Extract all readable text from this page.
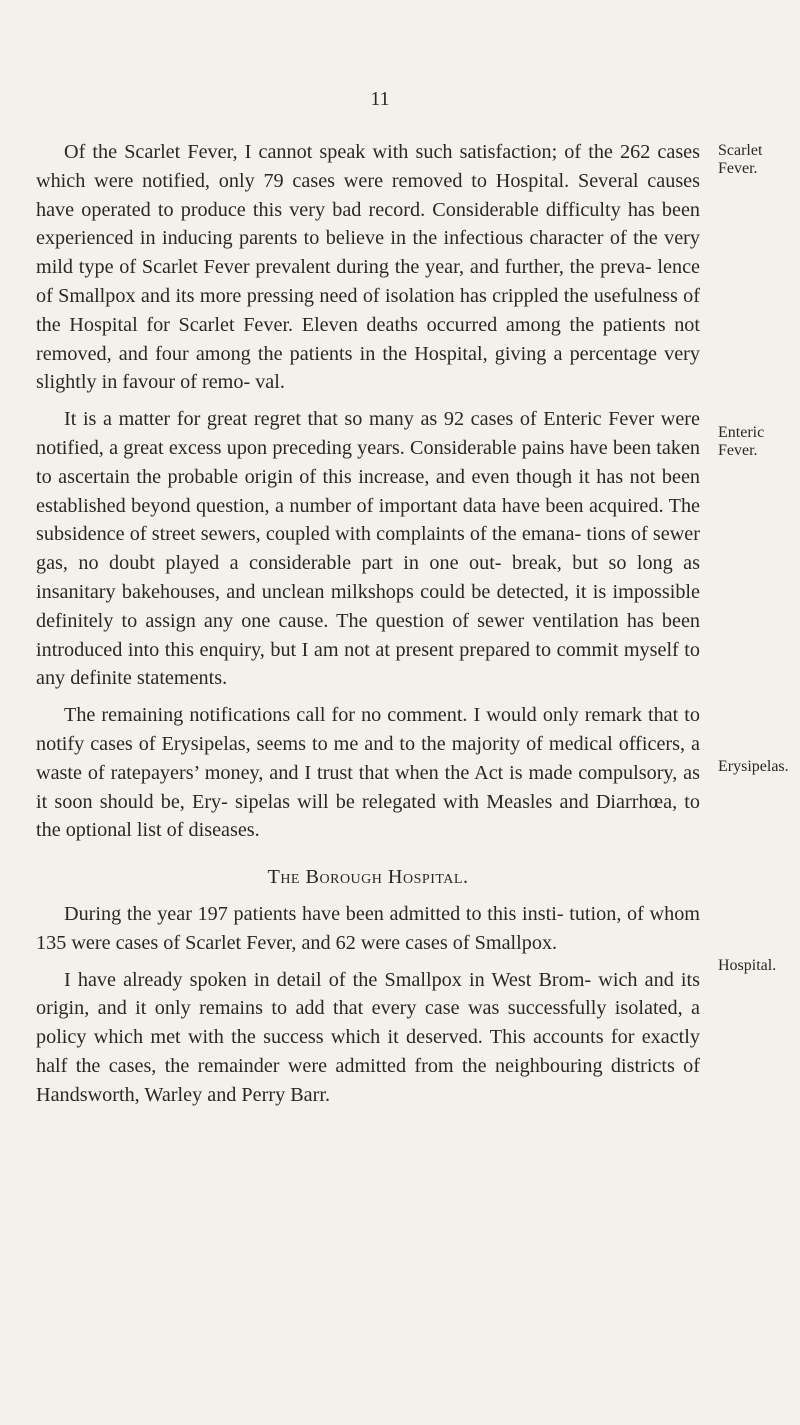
11
Scarlet
Fever.
Enteric
Fever.
Erysipelas.
Hospital.

Of the Scarlet Fever, I cannot speak with such satisfaction; of the 262 cases which were notified, only 79 cases were removed to Hospital. Several causes have operated to produce this very bad record. Considerable difficulty has been experienced in inducing parents to believe in the infectious character of the very mild type of Scarlet Fever prevalent during the year, and further, the preva- lence of Smallpox and its more pressing need of isolation has crippled the usefulness of the Hospital for Scarlet Fever. Eleven deaths occurred among the patients not removed, and four among the patients in the Hospital, giving a percentage very slightly in favour of remo- val.

It is a matter for great regret that so many as 92 cases of Enteric Fever were notified, a great excess upon preceding years. Considerable pains have been taken to ascertain the probable origin of this increase, and even though it has not been established beyond question, a number of important data have been acquired. The subsidence of street sewers, coupled with complaints of the emana- tions of sewer gas, no doubt played a considerable part in one out- break, but so long as insanitary bakehouses, and unclean milkshops could be detected, it is impossible definitely to assign any one cause. The question of sewer ventilation has been introduced into this enquiry, but I am not at present prepared to commit myself to any definite statements.

The remaining notifications call for no comment. I would only remark that to notify cases of Erysipelas, seems to me and to the majority of medical officers, a waste of ratepayers’ money, and I trust that when the Act is made compulsory, as it soon should be, Ery- sipelas will be relegated with Measles and Diarrhœa, to the optional list of diseases.

The Borough Hospital.

During the year 197 patients have been admitted to this insti- tution, of whom 135 were cases of Scarlet Fever, and 62 were cases of Smallpox.

I have already spoken in detail of the Smallpox in West Brom- wich and its origin, and it only remains to add that every case was successfully isolated, a policy which met with the success which it deserved. This accounts for exactly half the cases, the remainder were admitted from the neighbouring districts of Handsworth, Warley and Perry Barr.
